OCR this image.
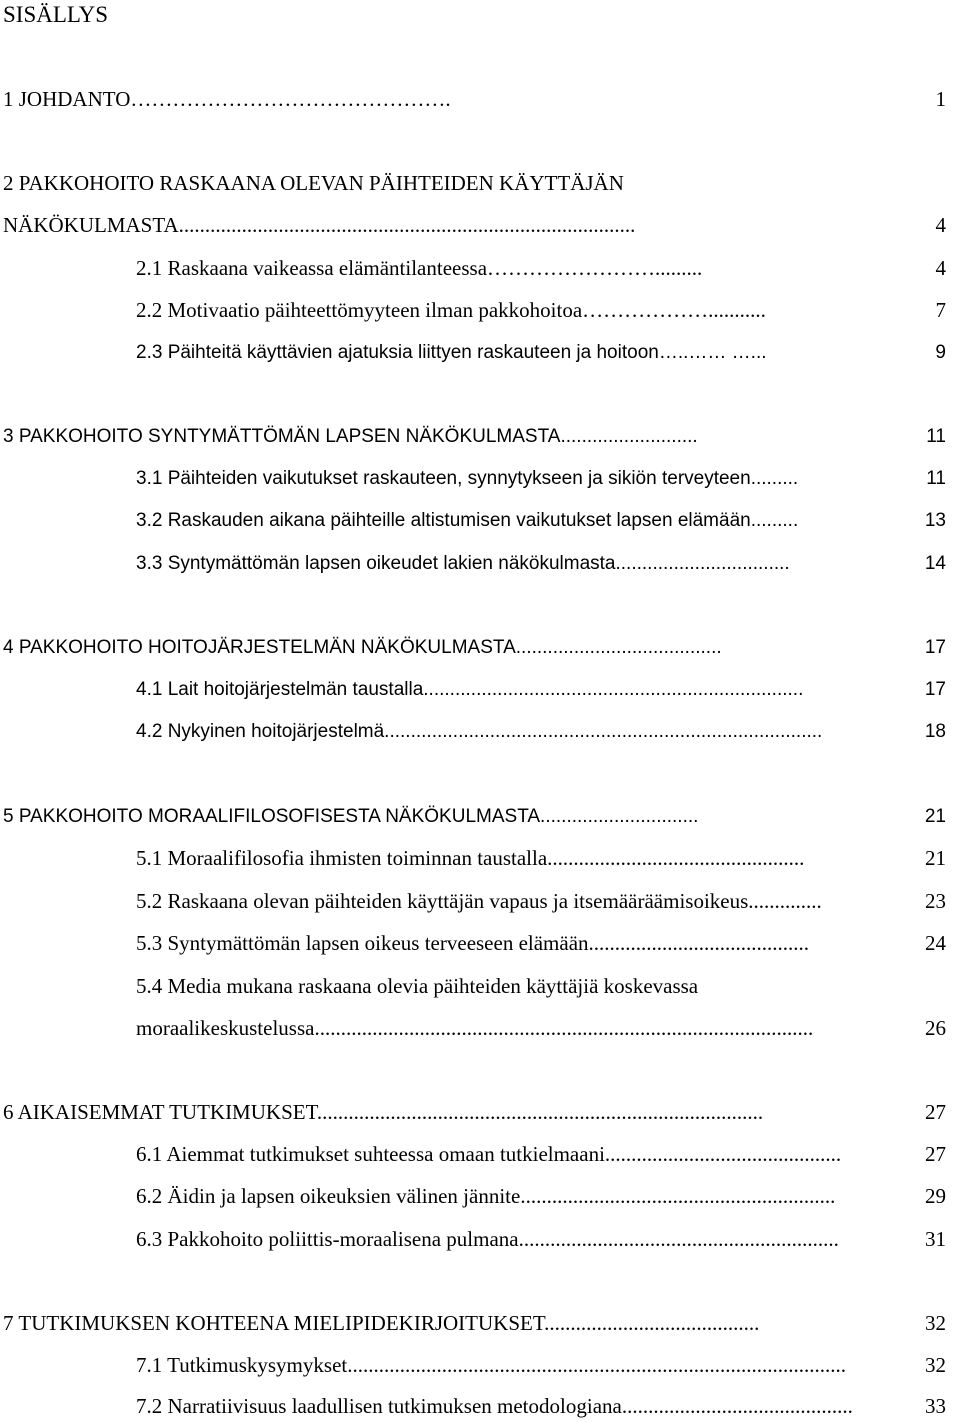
SISÄLLYS
1 JOHDANTO……………………………………….	1
2 PAKKOHOITO RASKAANA OLEVAN PÄIHTEIDEN KÄYTTÄJÄN
NÄKÖKULMASTA.......................................................................................	4
2.1 Raskaana vaikeassa elämäntilanteessa…………………….........	4
2.2 Motivaatio päihteettömyyteen ilman pakkohoitoa………………...........	7
2.3 Päihteitä käyttävien ajatuksia liittyen raskauteen ja hoitoon…..…… …...	9
3 PAKKOHOITO SYNTYMÄTTÖMÄN LAPSEN NÄKÖKULMASTA..........................	11
3.1 Päihteiden vaikutukset raskauteen, synnytykseen ja sikiön terveyteen.........	11
3.2 Raskauden aikana päihteille altistumisen vaikutukset lapsen elämään.........	13
3.3 Syntymättömän lapsen oikeudet lakien näkökulmasta.................................	14
4 PAKKOHOITO HOITOJÄRJESTELMÄN NÄKÖKULMASTA.......................................	17
4.1 Lait hoitojärjestelmän taustalla........................................................................	17
4.2 Nykyinen hoitojärjestelmä...................................................................................	18
5 PAKKOHOITO MORAALIFILOSOFISESTA NÄKÖKULMASTA..............................	21
5.1 Moraalifilosofia ihmisten toiminnan taustalla.................................................	21
5.2 Raskaana olevan päihteiden käyttäjän vapaus ja itsemääräämisoikeus..............	23
5.3 Syntymättömän lapsen oikeus terveeseen elämään..........................................	24
5.4 Media mukana raskaana olevia päihteiden käyttäjiä koskevassa
moraalikeskustelussa...............................................................................................	26
6 AIKAISEMMAT TUTKIMUKSET.....................................................................................	27
6.1 Aiemmat tutkimukset suhteessa omaan tutkielmaani.............................................	27
6.2 Äidin ja lapsen oikeuksien välinen jännite............................................................	29
6.3 Pakkohoito poliittis-moraalisena pulmana.............................................................	31
7 TUTKIMUKSEN KOHTEENA MIELIPIDEKIRJOITUKSET.........................................	32
7.1 Tutkimuskysymykset...............................................................................................	32
7.2 Narratiivisuus laadullisen tutkimuksen metodologiana............................................	33
